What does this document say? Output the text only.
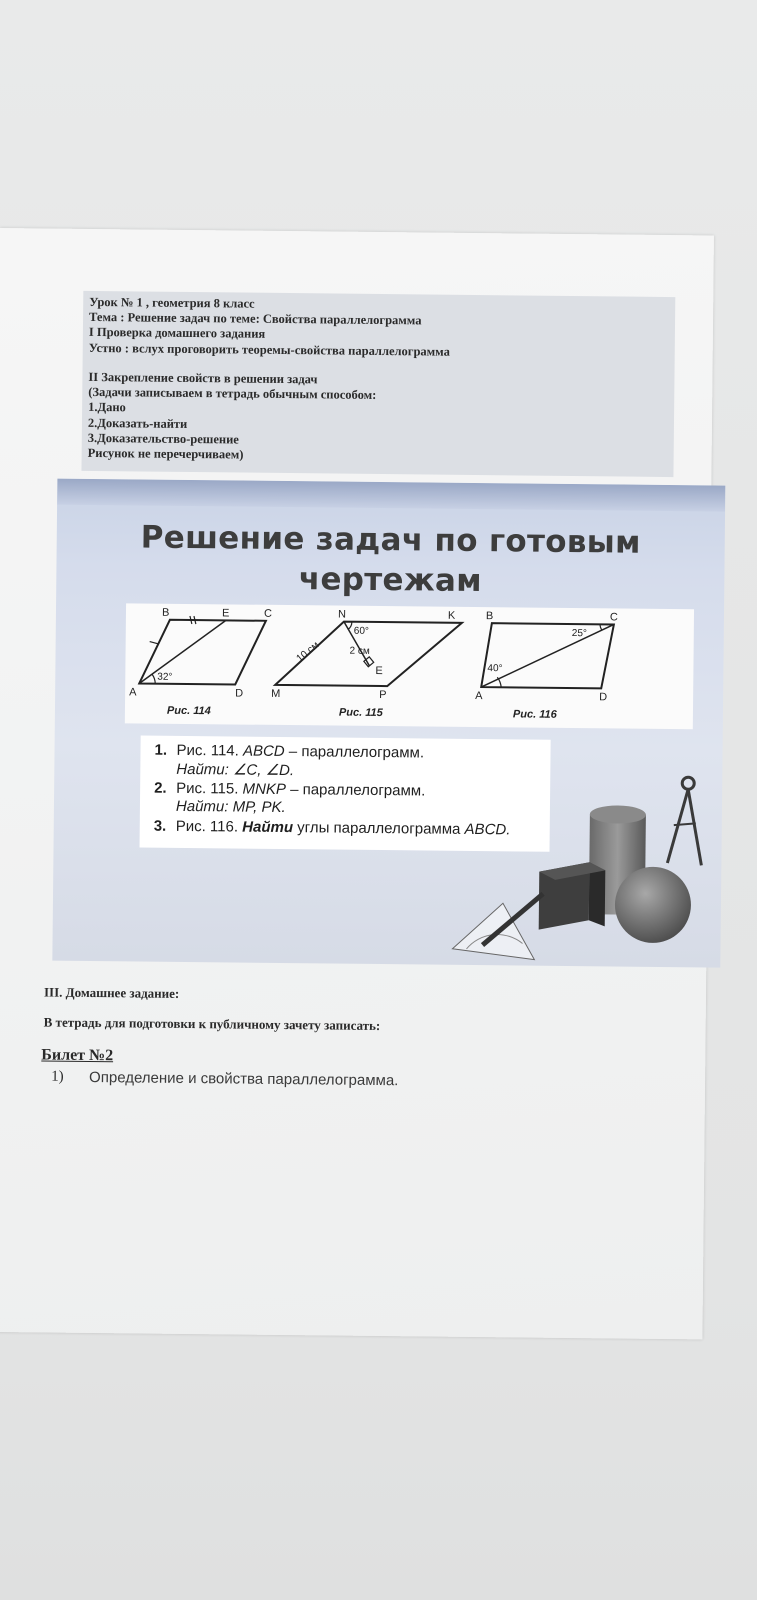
Урок № 1 , геометрия 8 класс
Тема : Решение задач по теме: Свойства параллелограмма
I Проверка домашнего задания
Устно : вслух проговорить теоремы-свойства параллелограмма
II Закрепление свойств в решении задач
(Задачи записываем в тетрадь обычным способом:
1.Дано
2.Доказать-найти
3.Доказательство-решение
Рисунок не перечерчиваем)
Решение задач по готовым
чертежам
B	E	C
A	D
32°
Рис. 114
N	K
M	P
E
10 см	2 см
60°
Рис. 115
B	C
A	D
25°
40°
Рис. 116
1. Рис. 114. ABCD – параллелограмм.
Найти: ∠C, ∠D.
2. Рис. 115. MNKP – параллелограмм.
Найти: MP, PK.
3. Рис. 116. Найти углы параллелограмма ABCD.
III. Домашнее задание:
В тетрадь для подготовки к публичному зачету записать:
Билет №2
1) Определение и свойства параллелограмма.
